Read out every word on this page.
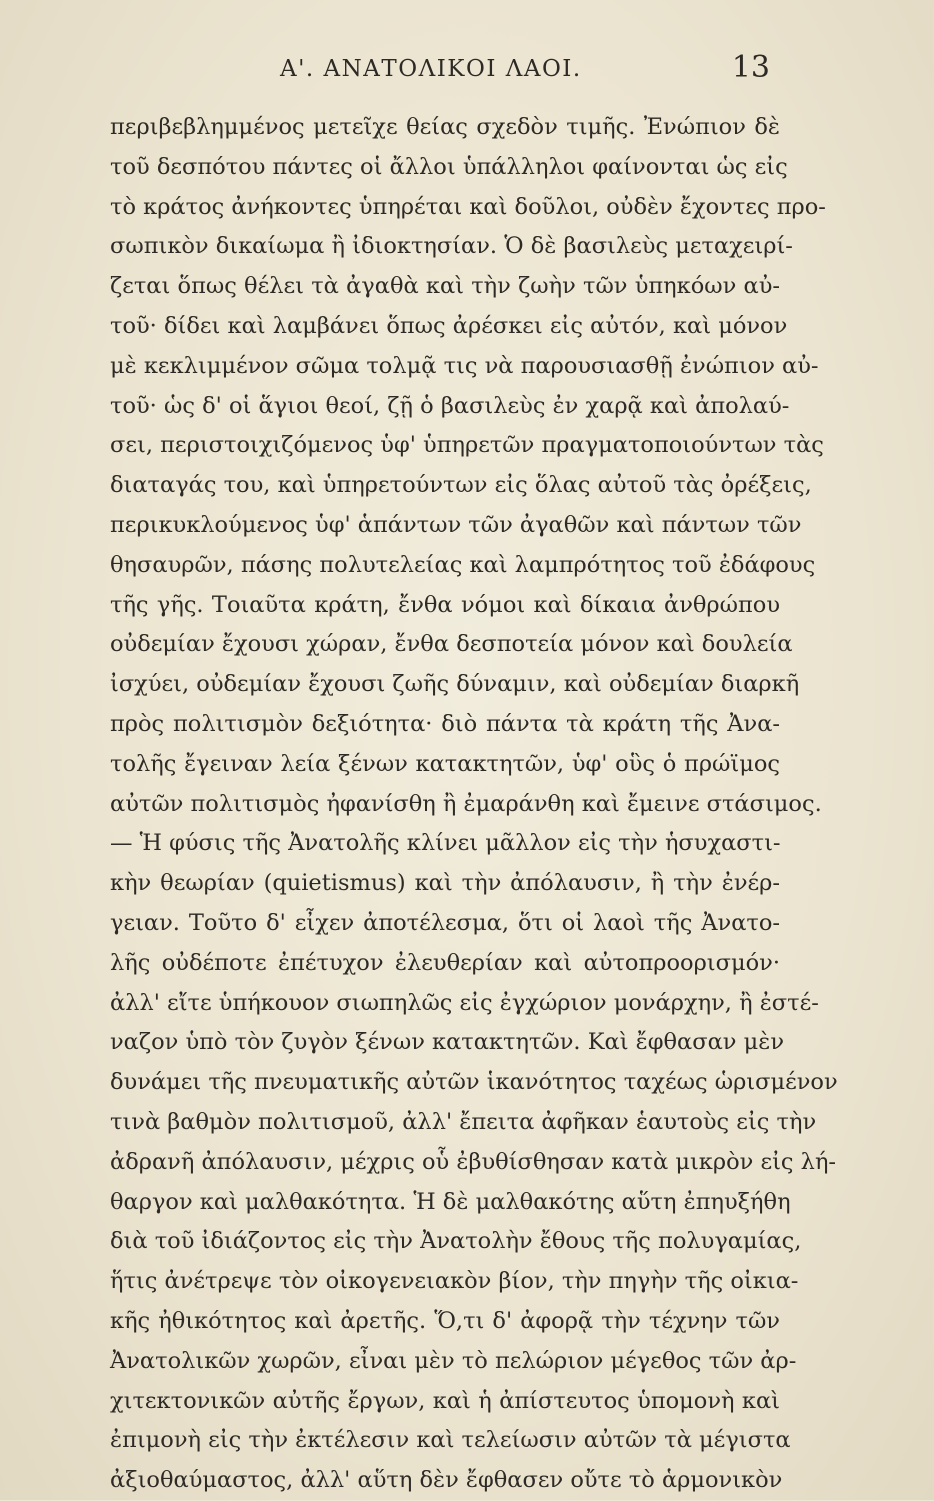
Α'. ΑΝΑΤΟΛΙΚΟΙ ΛΑΟΙ.	13
περιβεβλημμένος μετεῖχε θείας σχεδὸν τιμῆς. Ἐνώπιον δὲ
τοῦ δεσπότου πάντες οἱ ἄλλοι ὑπάλληλοι φαίνονται ὡς εἰς
τὸ κράτος ἀνήκοντες ὑπηρέται καὶ δοῦλοι, οὐδὲν ἔχοντες προ-
σωπικὸν δικαίωμα ἢ ἰδιοκτησίαν. Ὁ δὲ βασιλεὺς μεταχειρί-
ζεται ὅπως θέλει τὰ ἀγαθὰ καὶ τὴν ζωὴν τῶν ὑπηκόων αὐ-
τοῦ· δίδει καὶ λαμβάνει ὅπως ἀρέσκει εἰς αὐτόν, καὶ μόνον
μὲ κεκλιμμένον σῶμα τολμᾷ τις νὰ παρουσιασθῇ ἐνώπιον αὐ-
τοῦ· ὡς δ' οἱ ἅγιοι θεοί, ζῇ ὁ βασιλεὺς ἐν χαρᾷ καὶ ἀπολαύ-
σει, περιστοιχιζόμενος ὑφ' ὑπηρετῶν πραγματοποιούντων τὰς
διαταγάς του, καὶ ὑπηρετούντων εἰς ὅλας αὐτοῦ τὰς ὀρέξεις,
περικυκλούμενος ὑφ' ἁπάντων τῶν ἀγαθῶν καὶ πάντων τῶν
θησαυρῶν, πάσης πολυτελείας καὶ λαμπρότητος τοῦ ἐδάφους
τῆς γῆς. Τοιαῦτα κράτη, ἔνθα νόμοι καὶ δίκαια ἀνθρώπου
οὐδεμίαν ἔχουσι χώραν, ἔνθα δεσποτεία μόνον καὶ δουλεία
ἰσχύει, οὐδεμίαν ἔχουσι ζωῆς δύναμιν, καὶ οὐδεμίαν διαρκῆ
πρὸς πολιτισμὸν δεξιότητα· διὸ πάντα τὰ κράτη τῆς Ἀνα-
τολῆς ἔγειναν λεία ξένων κατακτητῶν, ὑφ' οὓς ὁ πρώϊμος
αὐτῶν πολιτισμὸς ἠφανίσθη ἢ ἐμαράνθη καὶ ἔμεινε στάσιμος.
— Ἡ φύσις τῆς Ἀνατολῆς κλίνει μᾶλλον εἰς τὴν ἡσυχαστι-
κὴν θεωρίαν (quietismus) καὶ τὴν ἀπόλαυσιν, ἢ τὴν ἐνέρ-
γειαν. Τοῦτο δ' εἶχεν ἀποτέλεσμα, ὅτι οἱ λαοὶ τῆς Ἀνατο-
λῆς οὐδέποτε ἐπέτυχον ἐλευθερίαν καὶ αὐτοπροορισμόν·
ἀλλ' εἴτε ὑπήκουον σιωπηλῶς εἰς ἐγχώριον μονάρχην, ἢ ἐστέ-
ναζον ὑπὸ τὸν ζυγὸν ξένων κατακτητῶν. Καὶ ἔφθασαν μὲν
δυνάμει τῆς πνευματικῆς αὐτῶν ἱκανότητος ταχέως ὡρισμένον
τινὰ βαθμὸν πολιτισμοῦ, ἀλλ' ἔπειτα ἀφῆκαν ἑαυτοὺς εἰς τὴν
ἀδρανῆ ἀπόλαυσιν, μέχρις οὗ ἐβυθίσθησαν κατὰ μικρὸν εἰς λή-
θαργον καὶ μαλθακότητα. Ἡ δὲ μαλθακότης αὕτη ἐπηυξήθη
διὰ τοῦ ἰδιάζοντος εἰς τὴν Ἀνατολὴν ἔθους τῆς πολυγαμίας,
ἥτις ἀνέτρεψε τὸν οἰκογενειακὸν βίον, τὴν πηγὴν τῆς οἰκια-
κῆς ἠθικότητος καὶ ἀρετῆς. Ὅ,τι δ' ἀφορᾷ τὴν τέχνην τῶν
Ἀνατολικῶν χωρῶν, εἶναι μὲν τὸ πελώριον μέγεθος τῶν ἀρ-
χιτεκτονικῶν αὐτῆς ἔργων, καὶ ἡ ἀπίστευτος ὑπομονὴ καὶ
ἐπιμονὴ εἰς τὴν ἐκτέλεσιν καὶ τελείωσιν αὐτῶν τὰ μέγιστα
ἀξιοθαύμαστος, ἀλλ' αὕτη δὲν ἔφθασεν οὔτε τὸ ἁρμονικὸν
